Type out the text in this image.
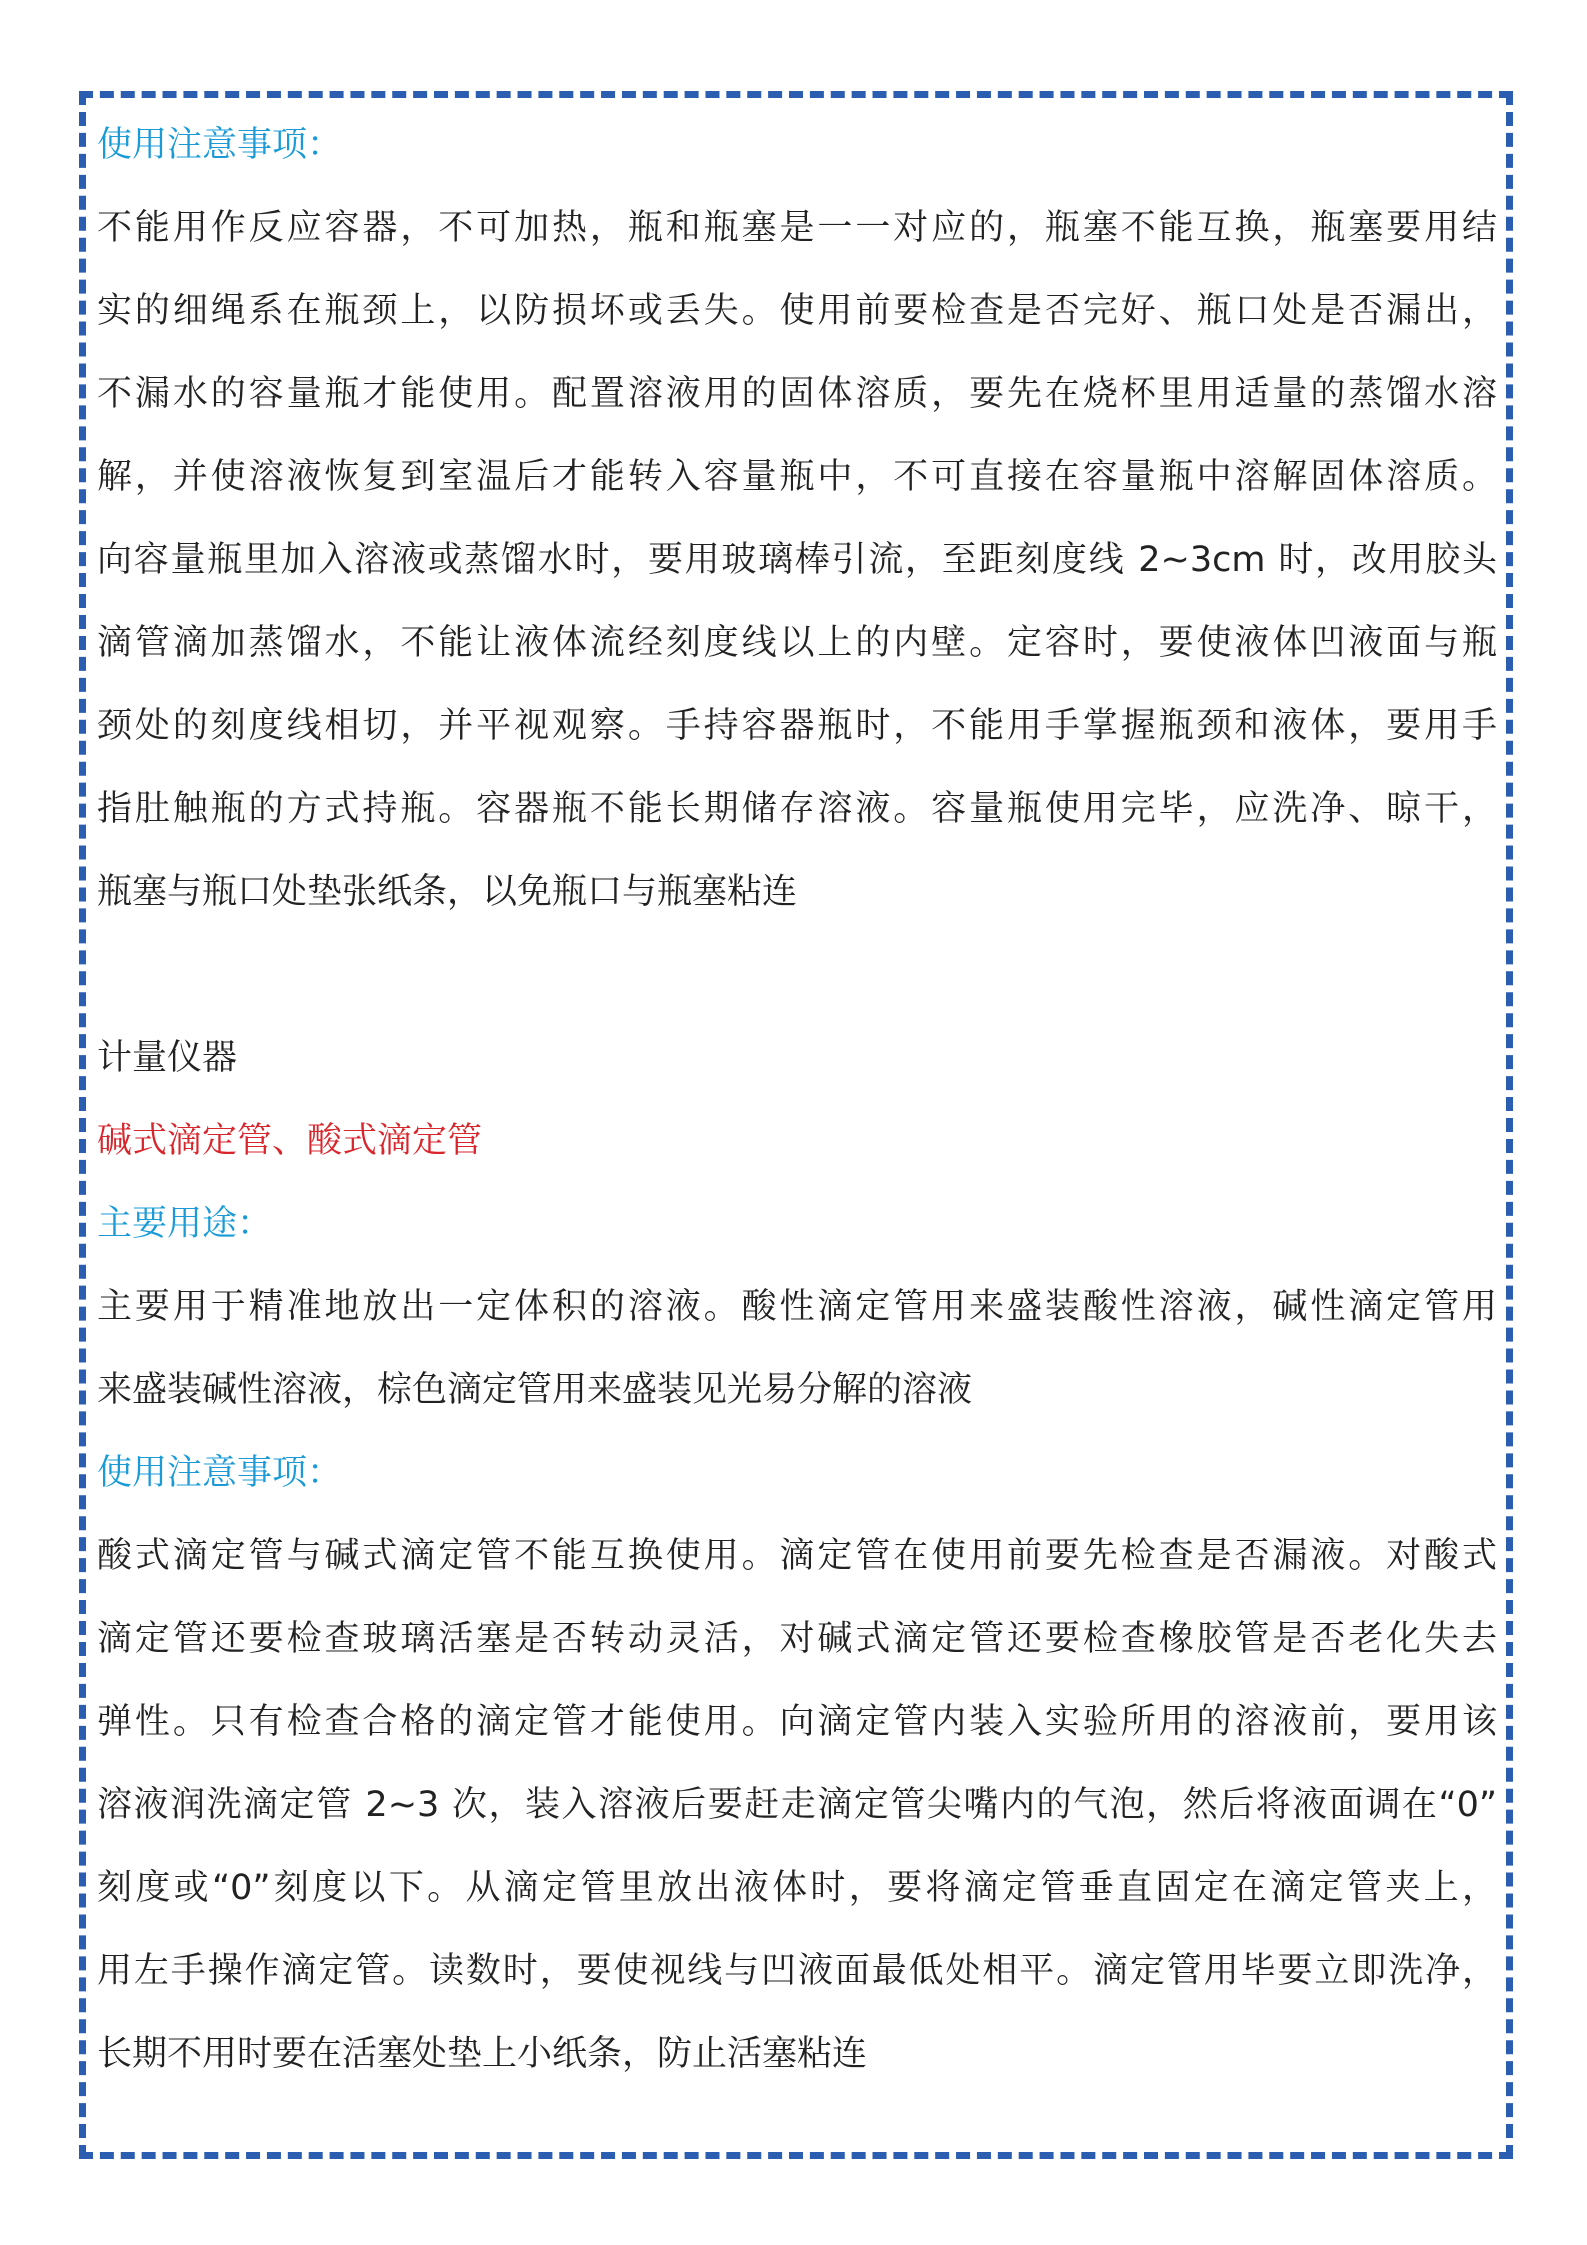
使用注意事项：
不能用作反应容器，不可加热，瓶和瓶塞是一一对应的，瓶塞不能互换，瓶塞要用结
实的细绳系在瓶颈上，以防损坏或丢失。使用前要检查是否完好、瓶口处是否漏出，
不漏水的容量瓶才能使用。配置溶液用的固体溶质，要先在烧杯里用适量的蒸馏水溶
解，并使溶液恢复到室温后才能转入容量瓶中，不可直接在容量瓶中溶解固体溶质。
向容量瓶里加入溶液或蒸馏水时，要用玻璃棒引流，至距刻度线 2~3cm 时，改用胶头
滴管滴加蒸馏水，不能让液体流经刻度线以上的内壁。定容时，要使液体凹液面与瓶
颈处的刻度线相切，并平视观察。手持容器瓶时，不能用手掌握瓶颈和液体，要用手
指肚触瓶的方式持瓶。容器瓶不能长期储存溶液。容量瓶使用完毕，应洗净、晾干，
瓶塞与瓶口处垫张纸条，以免瓶口与瓶塞粘连
计量仪器
碱式滴定管、酸式滴定管
主要用途：
主要用于精准地放出一定体积的溶液。酸性滴定管用来盛装酸性溶液，碱性滴定管用
来盛装碱性溶液，棕色滴定管用来盛装见光易分解的溶液
使用注意事项：
酸式滴定管与碱式滴定管不能互换使用。滴定管在使用前要先检查是否漏液。对酸式
滴定管还要检查玻璃活塞是否转动灵活，对碱式滴定管还要检查橡胶管是否老化失去
弹性。只有检查合格的滴定管才能使用。向滴定管内装入实验所用的溶液前，要用该
溶液润洗滴定管 2~3 次，装入溶液后要赶走滴定管尖嘴内的气泡，然后将液面调在“0”
刻度或“0”刻度以下。从滴定管里放出液体时，要将滴定管垂直固定在滴定管夹上，
用左手操作滴定管。读数时，要使视线与凹液面最低处相平。滴定管用毕要立即洗净，
长期不用时要在活塞处垫上小纸条，防止活塞粘连
